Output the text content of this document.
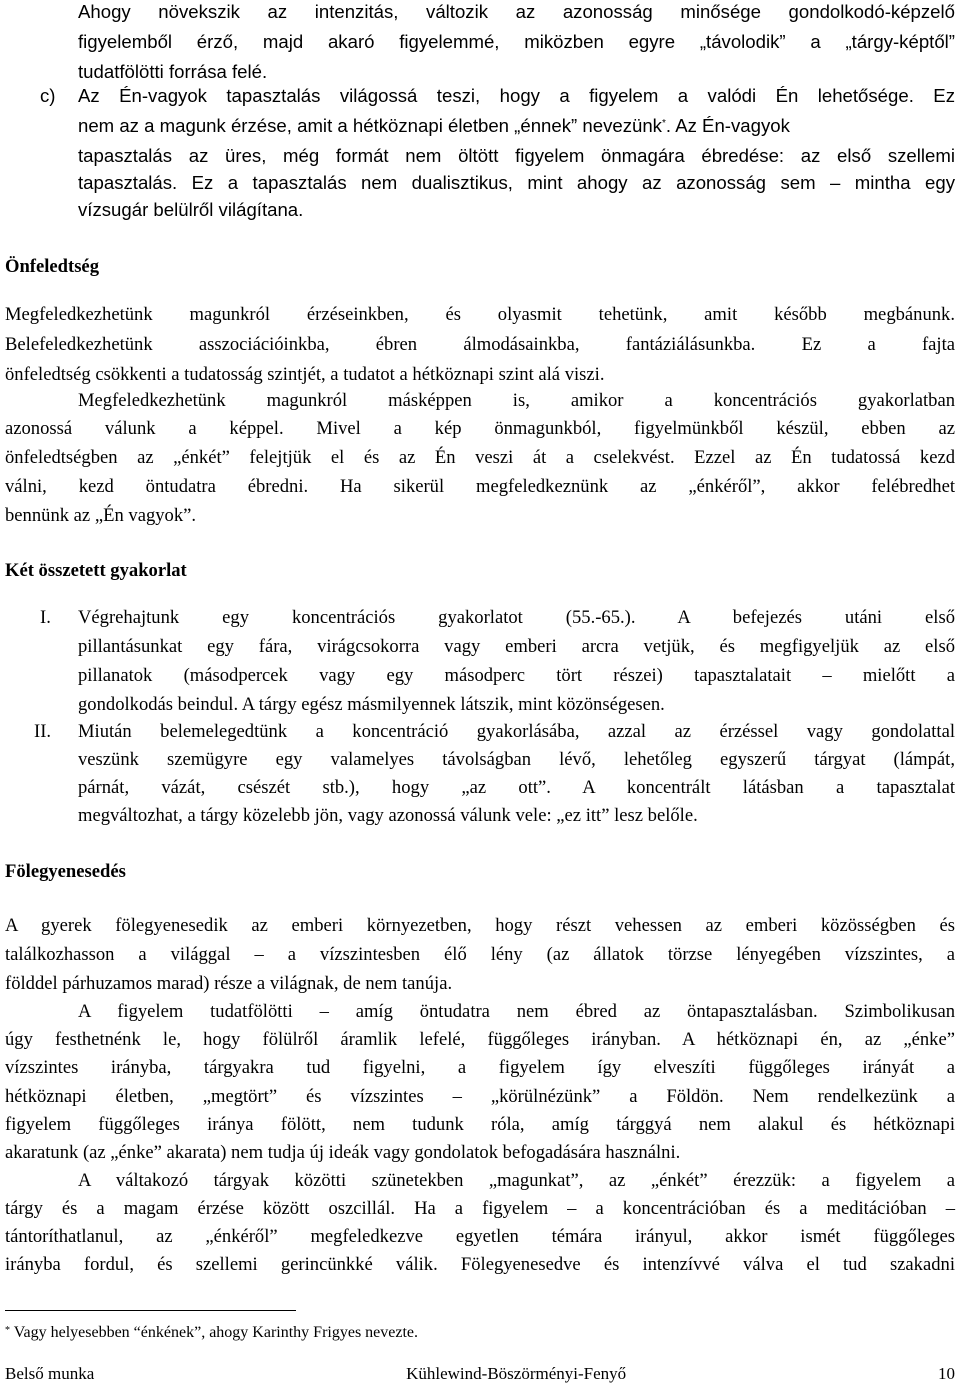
Ahogy növekszik az intenzitás, változik az azonosság minősége gondolkodó-képzelő
figyelemből érző, majd akaró figyelemmé, miközben egyre „távolodik” a „tárgy-képtől”
tudatfölötti forrása felé.
c) Az Én-vagyok tapasztalás világossá teszi, hogy a figyelem a valódi Én lehetősége. Ez
nem az a magunk érzése, amit a hétköznapi életben „énnek” nevezünk*. Az Én-vagyok
tapasztalás az üres, még formát nem öltött figyelem önmagára ébredése: az első szellemi
tapasztalás. Ez a tapasztalás nem dualisztikus, mint ahogy az azonosság sem – mintha egy
vízsugár belülről világítana.
Önfeledtség
Megfeledkezhetünk magunkról érzéseinkben, és olyasmit tehetünk, amit később megbánunk.
Belefeledkezhetünk asszociációinkba, ébren álmodásainkba, fantáziálásunkba. Ez a fajta
önfeledtség csökkenti a tudatosság szintjét, a tudatot a hétköznapi szint alá viszi.
Megfeledkezhetünk magunkról másképpen is, amikor a koncentrációs gyakorlatban
azonossá válunk a képpel. Mivel a kép önmagunkból, figyelmünkből készül, ebben az
önfeledtségben az „énkét” felejtjük el és az Én veszi át a cselekvést. Ezzel az Én tudatossá kezd
válni, kezd öntudatra ébredni. Ha sikerül megfeledkeznünk az „énkéről”, akkor felébredhet
bennünk az „Én vagyok”.
Két összetett gyakorlat
I. Végrehajtunk egy koncentrációs gyakorlatot (55.-65.). A befejezés utáni első
pillantásunkat egy fára, virágcsokorra vagy emberi arcra vetjük, és megfigyeljük az első
pillanatok (másodpercek vagy egy másodperc tört részei) tapasztalatait – mielőtt a
gondolkodás beindul. A tárgy egész másmilyennek látszik, mint közönségesen.
II. Miután belemelegedtünk a koncentráció gyakorlásába, azzal az érzéssel vagy gondolattal
veszünk szemügyre egy valamelyes távolságban lévő, lehetőleg egyszerű tárgyat (lámpát,
párnát, vázát, csészét stb.), hogy „az ott”. A koncentrált látásban a tapasztalat
megváltozhat, a tárgy közelebb jön, vagy azonossá válunk vele: „ez itt” lesz belőle.
Fölegyenesedés
A gyerek fölegyenesedik az emberi környezetben, hogy részt vehessen az emberi közösségben és
találkozhasson a világgal – a vízszintesben élő lény (az állatok törzse lényegében vízszintes, a
földdel párhuzamos marad) része a világnak, de nem tanúja.
A figyelem tudatfölötti – amíg öntudatra nem ébred az öntapasztalásban. Szimbolikusan
úgy festhetnénk le, hogy fölülről áramlik lefelé, függőleges irányban. A hétköznapi én, az „énke”
vízszintes irányba, tárgyakra tud figyelni, a figyelem így elveszíti függőleges irányát a
hétköznapi életben, „megtört” és vízszintes – „körülnézünk” a Földön. Nem rendelkezünk a
figyelem függőleges iránya fölött, nem tudunk róla, amíg tárggyá nem alakul és hétköznapi
akaratunk (az „énke” akarata) nem tudja új ideák vagy gondolatok befogadására használni.
A váltakozó tárgyak közötti szünetekben „magunkat”, az „énkét” érezzük: a figyelem a
tárgy és a magam érzése között oszcillál. Ha a figyelem – a koncentrációban és a meditációban –
tántoríthatlanul, az „énkéről” megfeledkezve egyetlen témára irányul, akkor ismét függőleges
irányba fordul, és szellemi gerincünkké válik. Fölegyenesedve és intenzívvé válva el tud szakadni
* Vagy helyesebben “énkének”, ahogy Karinthy Frigyes nevezte.
Belső munka	Kühlewind-Böszörményi-Fenyő	10
